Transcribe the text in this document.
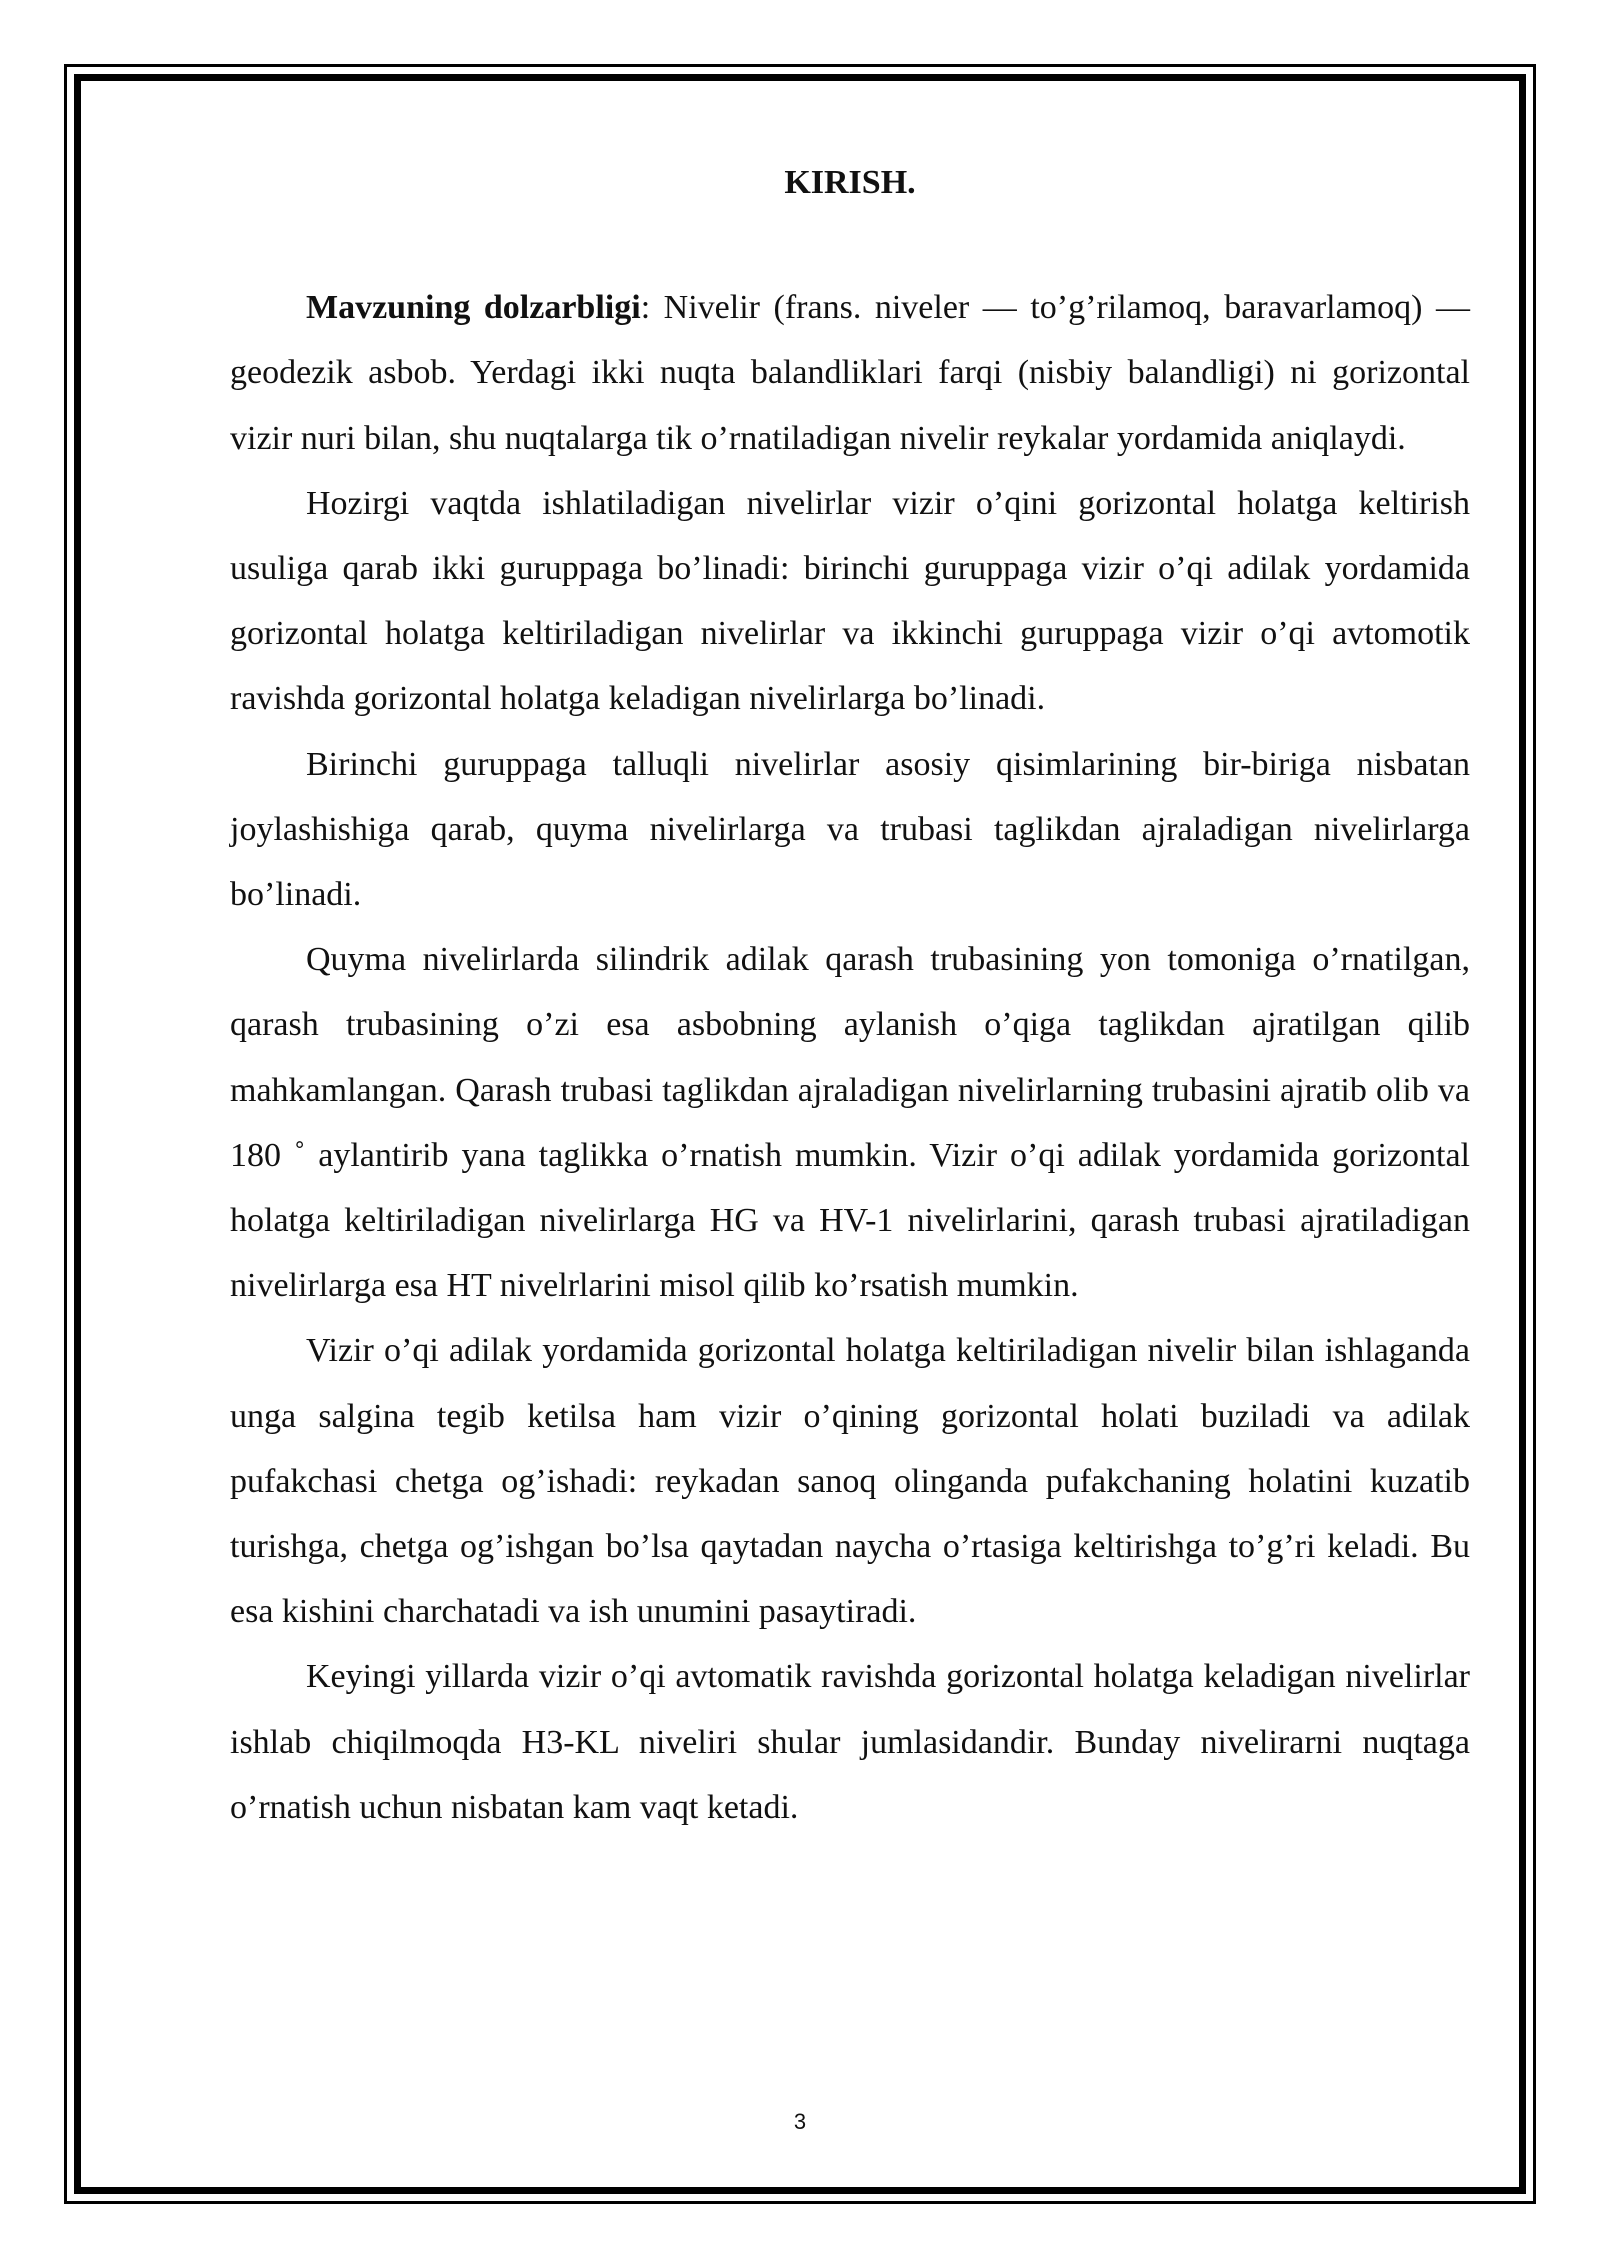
KIRISH.

Mavzuning dolzarbligi: Nivelir (frans. niveler — to’g’rilamoq, baravarlamoq) — geodezik asbob. Yerdagi ikki nuqta balandliklari farqi (nisbiy balandligi) ni gorizontal vizir nuri bilan, shu nuqtalarga tik o’rnatiladigan nivelir reykalar yordamida aniqlaydi.

Hozirgi vaqtda ishlatiladigan nivelirlar vizir o’qini gorizontal holatga keltirish usuliga qarab ikki guruppaga bo’linadi: birinchi guruppaga vizir o’qi adilak yordamida gorizontal holatga keltiriladigan nivelirlar va ikkinchi guruppaga vizir o’qi avtomotik ravishda gorizontal holatga keladigan nivelirlarga bo’linadi.

Birinchi guruppaga talluqli nivelirlar asosiy qisimlarining bir-biriga nisbatan joylashishiga qarab, quyma nivelirlarga va trubasi taglikdan ajraladigan nivelirlarga bo’linadi.

Quyma nivelirlarda silindrik adilak qarash trubasining yon tomoniga o’rnatilgan, qarash trubasining o’zi esa asbobning aylanish o’qiga taglikdan ajratilgan qilib mahkamlangan. Qarash trubasi taglikdan ajraladigan nivelirlarning trubasini ajratib olib va 180 ˚ aylantirib yana taglikka o’rnatish mumkin. Vizir o’qi adilak yordamida gorizontal holatga keltiriladigan nivelirlarga HG va HV-1 nivelirlarini, qarash trubasi ajratiladigan nivelirlarga esa HT nivelrlarini misol qilib ko’rsatish mumkin.

Vizir o’qi adilak yordamida gorizontal holatga keltiriladigan nivelir bilan ishlaganda unga salgina tegib ketilsa ham vizir o’qining gorizontal holati buziladi va adilak pufakchasi chetga og’ishadi: reykadan sanoq olinganda pufakchaning holatini kuzatib turishga, chetga og’ishgan bo’lsa qaytadan naycha o’rtasiga keltirishga to’g’ri keladi. Bu esa kishini charchatadi va ish unumini pasaytiradi.

Keyingi yillarda vizir o’qi avtomatik ravishda gorizontal holatga keladigan nivelirlar ishlab chiqilmoqda H3-KL niveliri shular jumlasidandir. Bunday nivelirarni nuqtaga o’rnatish uchun nisbatan kam vaqt ketadi.

3
